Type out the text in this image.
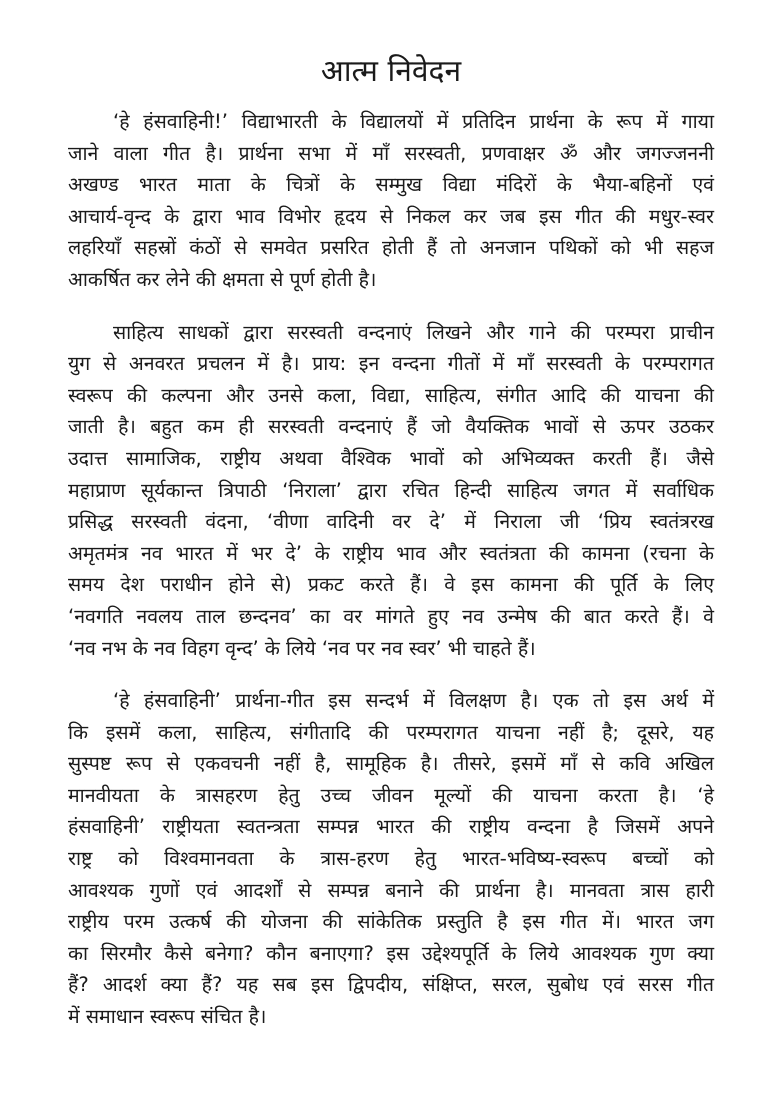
आत्म निवेदन
‘हे हंसवाहिनी!’ विद्याभारती के विद्यालयों में प्रतिदिन प्रार्थना के रूप में गाया
जाने वाला गीत है। प्रार्थना सभा में माँ सरस्वती, प्रणवाक्षर ॐ और जगज्जननी
अखण्ड भारत माता के चित्रों के सम्मुख विद्या मंदिरों के भैया-बहिनों एवं
आचार्य-वृन्द के द्वारा भाव विभोर हृदय से निकल कर जब इस गीत की मधुर-स्वर
लहरियाँ सहस्रों कंठों से समवेत प्रसरित होती हैं तो अनजान पथिकों को भी सहज
आकर्षित कर लेने की क्षमता से पूर्ण होती है।
साहित्य साधकों द्वारा सरस्वती वन्दनाएं लिखने और गाने की परम्परा प्राचीन
युग से अनवरत प्रचलन में है। प्राय: इन वन्दना गीतों में माँ सरस्वती के परम्परागत
स्वरूप की कल्पना और उनसे कला, विद्या, साहित्य, संगीत आदि की याचना की
जाती है। बहुत कम ही सरस्वती वन्दनाएं हैं जो वैयक्तिक भावों से ऊपर उठकर
उदात्त सामाजिक, राष्ट्रीय अथवा वैश्विक भावों को अभिव्यक्त करती हैं। जैसे
महाप्राण सूर्यकान्त त्रिपाठी ‘निराला’ द्वारा रचित हिन्दी साहित्य जगत में सर्वाधिक
प्रसिद्ध सरस्वती वंदना, ‘वीणा वादिनी वर दे’ में निराला जी ‘प्रिय स्वतंत्ररख
अमृतमंत्र नव भारत में भर दे’ के राष्ट्रीय भाव और स्वतंत्रता की कामना (रचना के
समय देश पराधीन होने से) प्रकट करते हैं। वे इस कामना की पूर्ति के लिए
‘नवगति नवलय ताल छन्दनव’ का वर मांगते हुए नव उन्मेष की बात करते हैं। वे
‘नव नभ के नव विहग वृन्द’ के लिये ‘नव पर नव स्वर’ भी चाहते हैं।
‘हे हंसवाहिनी’ प्रार्थना-गीत इस सन्दर्भ में विलक्षण है। एक तो इस अर्थ में
कि इसमें कला, साहित्य, संगीतादि की परम्परागत याचना नहीं है; दूसरे, यह
सुस्पष्ट रूप से एकवचनी नहीं है, सामूहिक है। तीसरे, इसमें माँ से कवि अखिल
मानवीयता के त्रासहरण हेतु उच्च जीवन मूल्यों की याचना करता है। ‘हे
हंसवाहिनी’ राष्ट्रीयता स्वतन्त्रता सम्पन्न भारत की राष्ट्रीय वन्दना है जिसमें अपने
राष्ट्र को विश्वमानवता के त्रास-हरण हेतु भारत-भविष्य-स्वरूप बच्चों को
आवश्यक गुणों एवं आदर्शों से सम्पन्न बनाने की प्रार्थना है। मानवता त्रास हारी
राष्ट्रीय परम उत्कर्ष की योजना की सांकेतिक प्रस्तुति है इस गीत में। भारत जग
का सिरमौर कैसे बनेगा? कौन बनाएगा? इस उद्देश्यपूर्ति के लिये आवश्यक गुण क्या
हैं? आदर्श क्या हैं? यह सब इस द्विपदीय, संक्षिप्त, सरल, सुबोध एवं सरस गीत
में समाधान स्वरूप संचित है।
